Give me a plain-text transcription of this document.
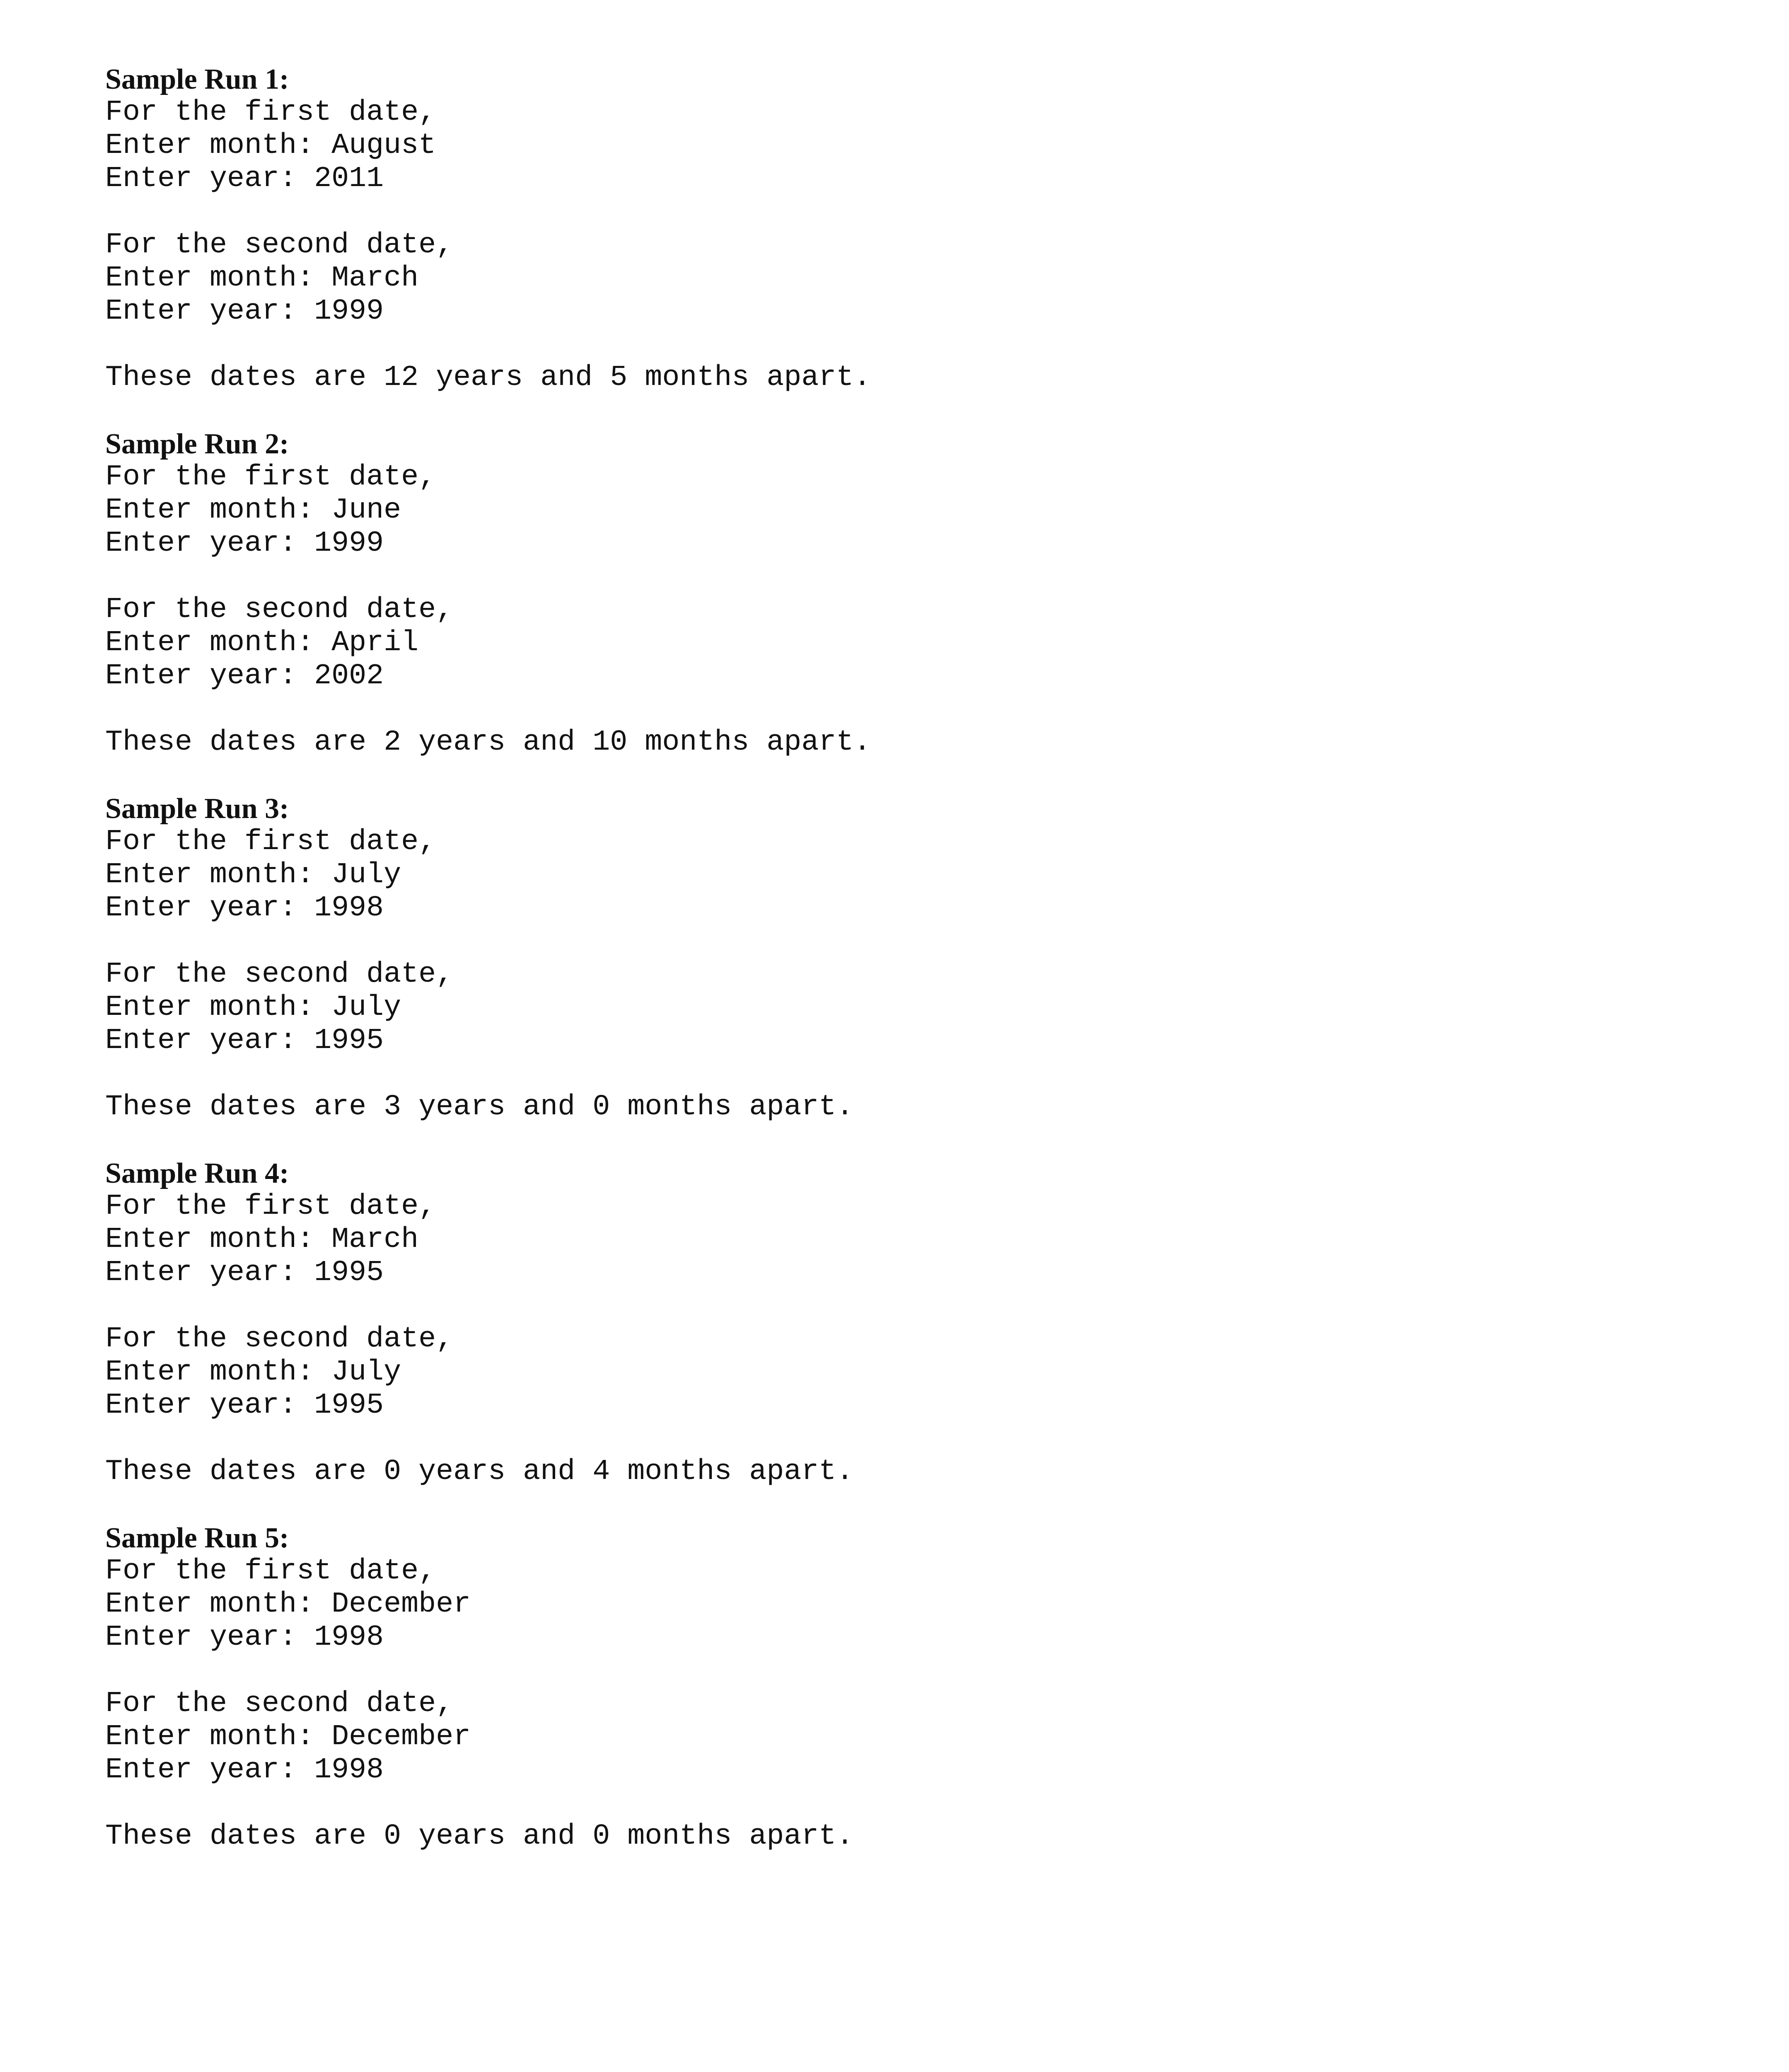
Sample Run 1:
For the first date,
Enter month: August
Enter year: 2011
For the second date,
Enter month: March
Enter year: 1999
These dates are 12 years and 5 months apart.
Sample Run 2:
For the first date,
Enter month: June
Enter year: 1999
For the second date,
Enter month: April
Enter year: 2002
These dates are 2 years and 10 months apart.
Sample Run 3:
For the first date,
Enter month: July
Enter year: 1998
For the second date,
Enter month: July
Enter year: 1995
These dates are 3 years and 0 months apart.
Sample Run 4:
For the first date,
Enter month: March
Enter year: 1995
For the second date,
Enter month: July
Enter year: 1995
These dates are 0 years and 4 months apart.
Sample Run 5:
For the first date,
Enter month: December
Enter year: 1998
For the second date,
Enter month: December
Enter year: 1998
These dates are 0 years and 0 months apart.
